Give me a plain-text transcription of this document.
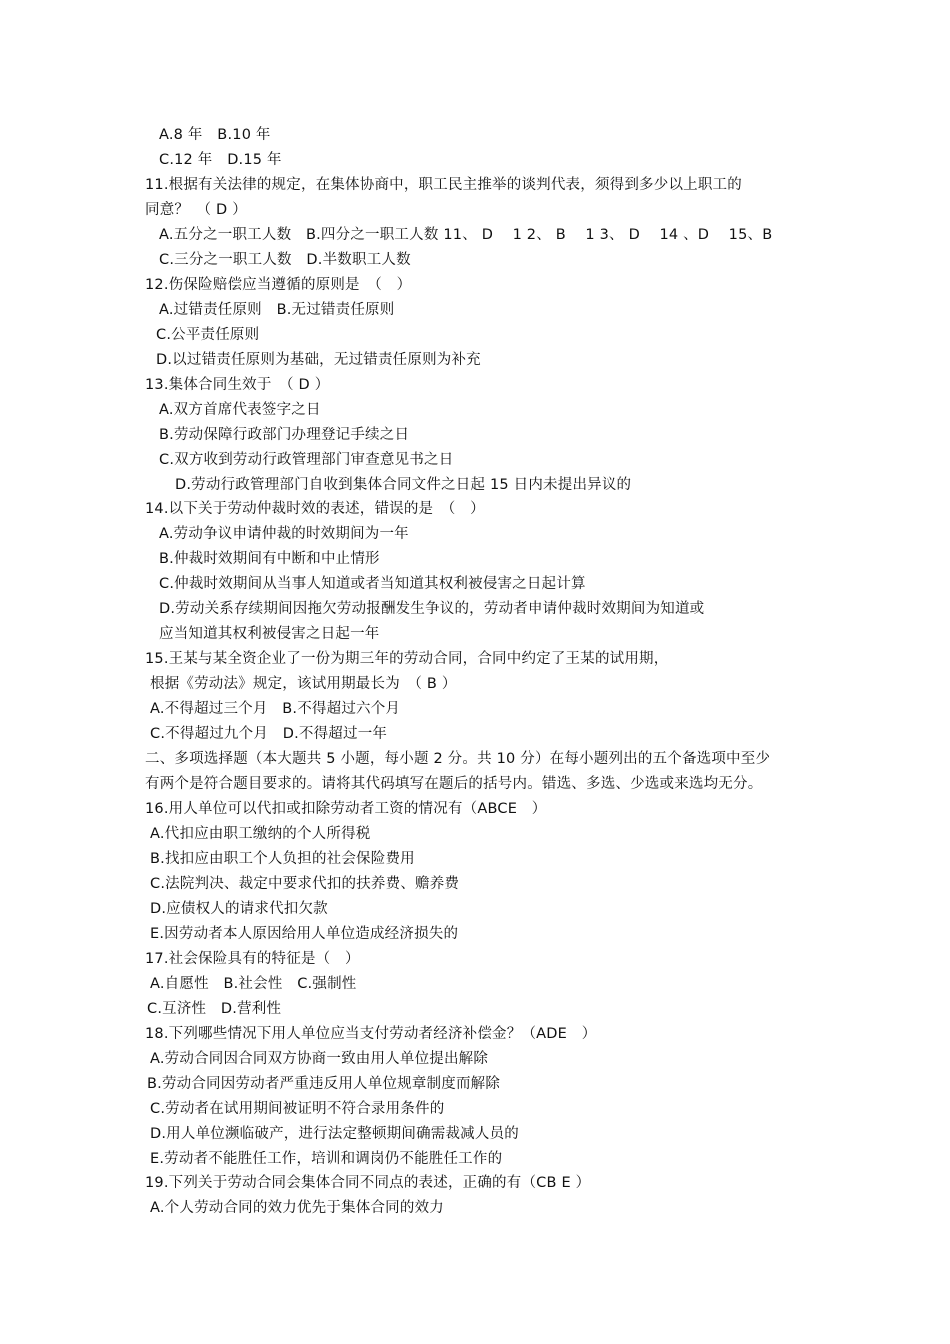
A.8 年　B.10 年
C.12 年　D.15 年
11.根据有关法律的规定，在集体协商中，职工民主推举的谈判代表，须得到多少以上职工的
同意？　（ D ）
A.五分之一职工人数　B.四分之一职工人数 11、 D　 1 2、 B　 1 3、 D　 14 、D　 15、B
C.三分之一职工人数　D.半数职工人数
12.伤保险赔偿应当遵循的原则是　（　）
A.过错责任原则　B.无过错责任原则
C.公平责任原则
D.以过错责任原则为基础，无过错责任原则为补充
13.集体合同生效于　（ D ）
A.双方首席代表签字之日
B.劳动保障行政部门办理登记手续之日
C.双方收到劳动行政管理部门审查意见书之日
D.劳动行政管理部门自收到集体合同文件之日起 15 日内未提出异议的
14.以下关于劳动仲裁时效的表述，错误的是　（　）
A.劳动争议申请仲裁的时效期间为一年
B.仲裁时效期间有中断和中止情形
C.仲裁时效期间从当事人知道或者当知道其权利被侵害之日起计算
D.劳动关系存续期间因拖欠劳动报酬发生争议的，劳动者申请仲裁时效期间为知道或
应当知道其权利被侵害之日起一年
15.王某与某全资企业了一份为期三年的劳动合同，合同中约定了王某的试用期，
根据《劳动法》规定，该试用期最长为　（ B ）
A.不得超过三个月　B.不得超过六个月
C.不得超过九个月　D.不得超过一年
二、多项选择题（本大题共 5 小题，每小题 2 分。共 10 分）在每小题列出的五个备选项中至少
有两个是符合题目要求的。请将其代码填写在题后的括号内。错选、多选、少选或来选均无分。
16.用人单位可以代扣或扣除劳动者工资的情况有（ABCE　）
A.代扣应由职工缴纳的个人所得税
B.找扣应由职工个人负担的社会保险费用
C.法院判决、裁定中要求代扣的扶养费、赡养费
D.应债权人的请求代扣欠款
E.因劳动者本人原因给用人单位造成经济损失的
17.社会保险具有的特征是（　）
A.自愿性　B.社会性　C.强制性
C.互济性　D.营利性
18.下列哪些情况下用人单位应当支付劳动者经济补偿金？（ADE　）
A.劳动合同因合同双方协商一致由用人单位提出解除
B.劳动合同因劳动者严重违反用人单位规章制度而解除
C.劳动者在试用期间被证明不符合录用条件的
D.用人单位濒临破产，进行法定整顿期间确需裁减人员的
E.劳动者不能胜任工作，培训和调岗仍不能胜任工作的
19.下列关于劳动合同会集体合同不同点的表述，正确的有（CB E ）
A.个人劳动合同的效力优先于集体合同的效力
